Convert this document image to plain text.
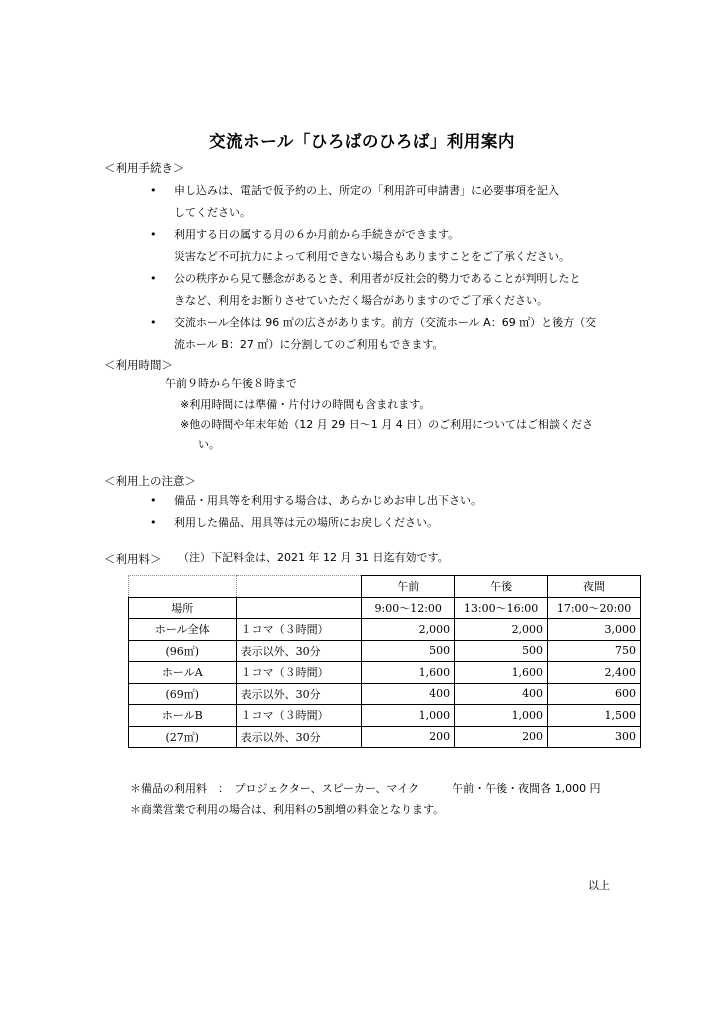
交流ホール「ひろばのひろば」利用案内
＜利用手続き＞
• 申し込みは、電話で仮予約の上、所定の「利用許可申請書」に必要事項を記入
してください。
• 利用する日の属する月の６か月前から手続きができます。
災害など不可抗力によって利用できない場合もありますことをご了承ください。
• 公の秩序から見て懸念があるとき、利用者が反社会的勢力であることが判明したと
きなど、利用をお断りさせていただく場合がありますのでご了承ください。
• 交流ホール全体は 96 ㎡の広さがあります。前方（交流ホール A：69 ㎡）と後方（交
流ホール B：27 ㎡）に分割してのご利用もできます。
＜利用時間＞
午前９時から午後８時まで
※利用時間には準備・片付けの時間も含まれます。
※他の時間や年末年始（12 月 29 日～1 月 4 日）のご利用についてはご相談くださ
い。
＜利用上の注意＞
• 備品・用具等を利用する場合は、あらかじめお申し出下さい。
• 利用した備品、用具等は元の場所にお戻しください。
＜利用料＞ （注）下記料金は、2021 年 12 月 31 日迄有効です。
		午前	午後	夜間
場所		9:00～12:00	13:00～16:00	17:00～20:00
ホール全体	１コマ（３時間）	2,000	2,000	3,000
(96㎡)	表示以外、30分	500	500	750
ホールA	１コマ（３時間）	1,600	1,600	2,400
(69㎡)	表示以外、30分	400	400	600
ホールB	１コマ（３時間）	1,000	1,000	1,500
(27㎡)	表示以外、30分	200	200	300
＊備品の利用料　：　プロジェクター、スピーカー、マイク　　　午前・午後・夜間各 1,000 円
＊商業営業で利用の場合は、利用料の5割増の料金となります。
以上
